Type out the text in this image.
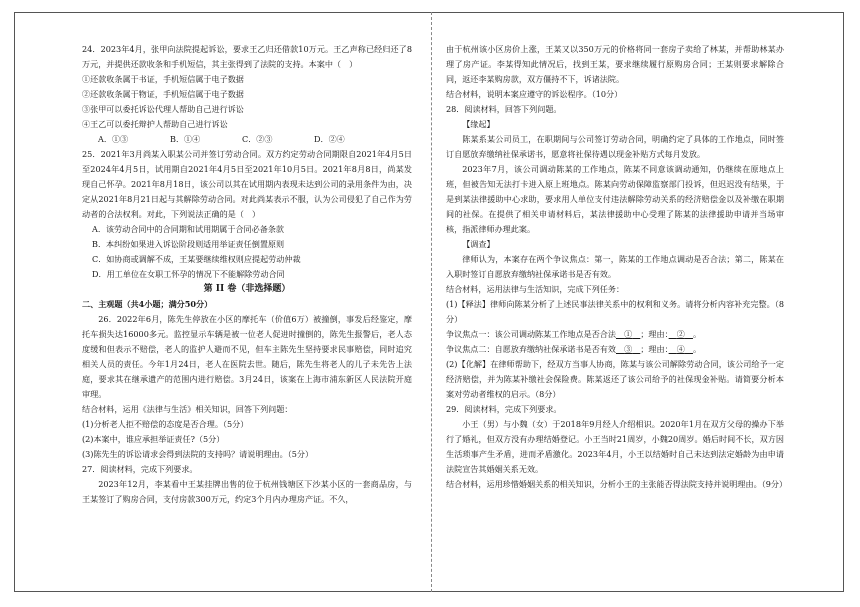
24．2023年4月，张甲向法院提起诉讼，要求王乙归还借款10万元。王乙声称已经归还了8万元，并提供还款收条和手机短信，其主张得到了法院的支持。本案中（　）

①还款收条属于书证，手机短信属于电子数据

②还款收条属于物证，手机短信属于电子数据

③张甲可以委托诉讼代理人帮助自己进行诉讼

④王乙可以委托辩护人帮助自己进行诉讼

A．①③	B．①④	C．②③	D．②④

25．2021年3月尚某入职某公司并签订劳动合同。双方约定劳动合同期限自2021年4月5日至2024年4月5日，试用期自2021年4月5日至2021年10月5日。2021年8月8日，尚某发现自己怀孕。2021年8月18日，该公司以其在试用期内表现未达到公司的录用条件为由，决定从2021年8月21日起与其解除劳动合同。对此尚某表示不服，认为公司侵犯了自己作为劳动者的合法权利。对此，下列说法正确的是（　）

A．该劳动合同中的合同期和试用期属于合同必备条款

B．本纠纷如果进入诉讼阶段则适用举证责任倒置原则

C．如协商或调解不成，王某要继续维权则应提起劳动仲裁

D．用工单位在女职工怀孕的情况下不能解除劳动合同

第 II 卷（非选择题）

二、主观题（共4小题；满分50分）

26．2022年6月，陈先生停放在小区的摩托车（价值6万）被撞倒，事发后经鉴定，摩托车损失达16000多元。监控显示车辆是被一位老人促进时撞倒的，陈先生报警后，老人态度缓和但表示不赔偿，老人的监护人避而不见，但车主陈先生坚持要求民事赔偿，同时追究相关人员的责任。今年1月24日，老人在医院去世。随后，陈先生将老人的儿子未先告上法庭，要求其在继承遗产的范围内进行赔偿。3月24日，该案在上海市浦东新区人民法院开庭审理。

结合材料，运用《法律与生活》相关知识，回答下列问题：

(1)分析老人拒不赔偿的态度是否合理。（5分）

(2)本案中，谁应承担举证责任?（5分）

(3)陈先生的诉讼请求会得到法院的支持吗？请说明理由。（5分）

27．阅读材料，完成下列要求。

2023年12月，李某看中王某挂牌出售的位于杭州钱塘区下沙某小区的一套商品房，与王某签订了购房合同，支付房款300万元，约定3个月内办理房产证。不久，

由于杭州该小区房价上涨，王某又以350万元的价格将同一套房子卖给了林某，并帮助林某办理了房产证。李某得知此情况后，找到王某，要求继续履行原购房合同；王某则要求解除合同，返还李某购房款，双方僵持不下，诉诸法院。

结合材料，说明本案应遵守的诉讼程序。（10分）

28．阅读材料，回答下列问题。

【缘起】

陈某系某公司员工，在职期间与公司签订劳动合同，明确约定了具体的工作地点，同时签订自愿放弃缴纳社保承诺书，愿意将社保待遇以现金补贴方式每月发放。

2023年7月，该公司调动陈某的工作地点，陈某不同意该调动通知，仍继续在原地点上班，但被告知无法打卡进入原上班地点。陈某向劳动保障监察部门投诉，但迟迟没有结果，于是到某法律援助中心求助，要求用人单位支付违法解除劳动关系的经济赔偿金以及补缴在职期间的社保。在提供了相关申请材料后，某法律援助中心受理了陈某的法律援助申请并当场审核，指派律师办理此案。

【调查】

律师认为，本案存在两个争议焦点：第一，陈某的工作地点调动是否合法；第二，陈某在入职时签订自愿放弃缴纳社保承诺书是否有效。

结合材料，运用法律与生活知识，完成下列任务：

(1)【释法】律师向陈某分析了上述民事法律关系中的权利和义务。请将分析内容补充完整。（8分）

争议焦点一：该公司调动陈某工作地点是否合法　 ①　 ；理由：　 ②　 。

争议焦点二：自愿放弃缴纳社保承诺书是否有效　 ③　 ；理由：　 ④　 。

(2)【化解】在律师帮助下，经双方当事人协商，陈某与该公司解除劳动合同，该公司给予一定经济赔偿，并为陈某补缴社会保险费。陈某返还了该公司给予的社保现金补贴。请简要分析本案对劳动者维权的启示。（8分）

29．阅读材料，完成下列要求。

小王（男）与小魏（女）于2018年9月经人介绍相识。2020年1月在双方父母的操办下举行了婚礼，但双方没有办理结婚登记。小王当时21周岁，小魏20周岁。婚后时间不长，双方因生活琐事产生矛盾，进而矛盾激化。2023年4月，小王以结婚时自己未达到法定婚龄为由申请法院宣告其婚姻关系无效。

结合材料，运用珍惜婚姻关系的相关知识，分析小王的主张能否得法院支持并说明理由。（9分）
